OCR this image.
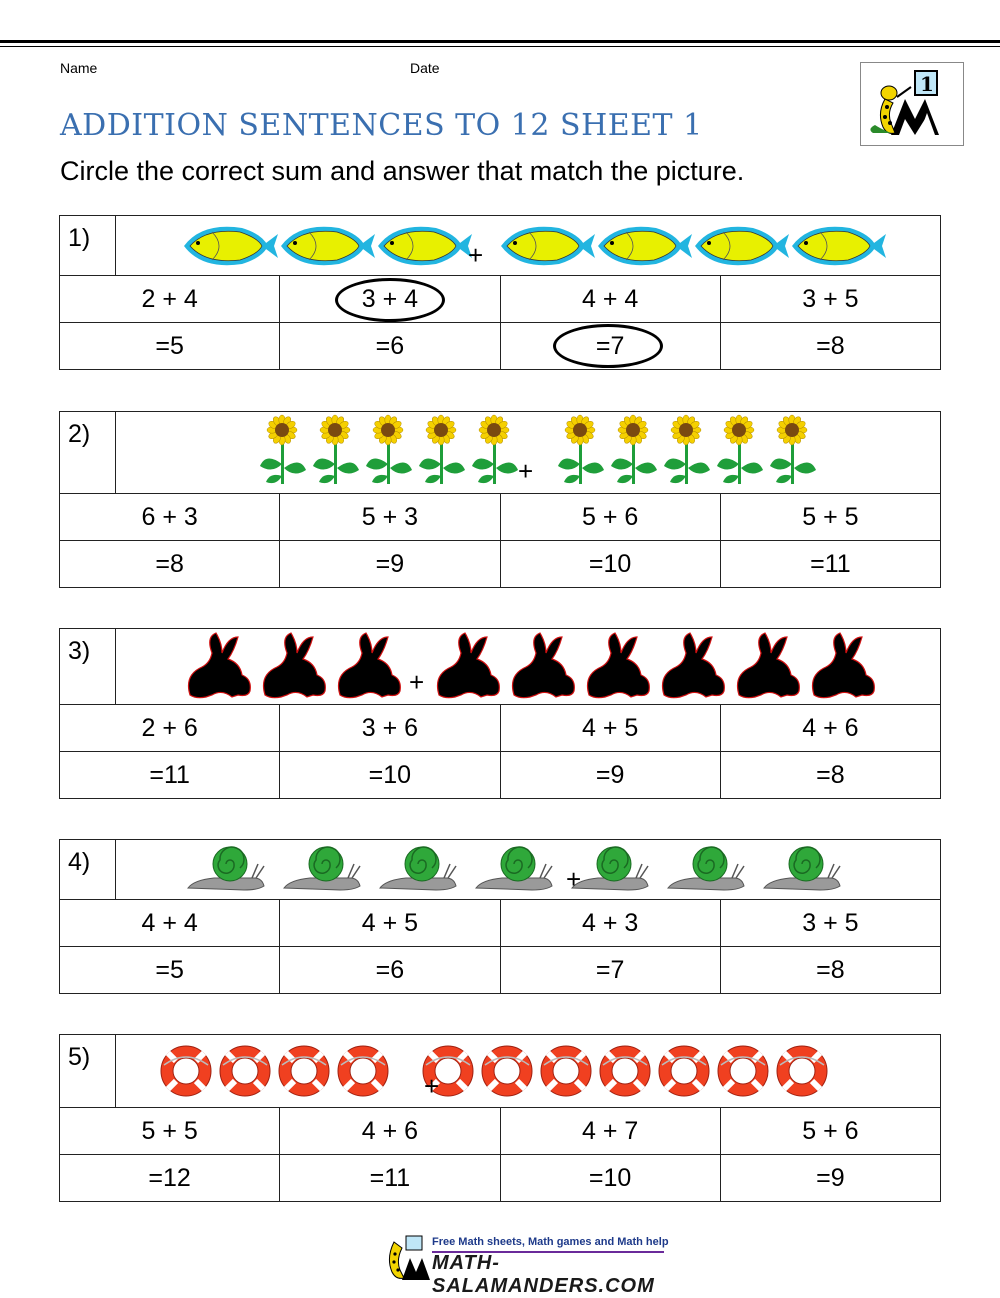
Name	Date
1
ADDITION SENTENCES TO 12 SHEET 1
Circle the correct sum and answer that match the picture.
1)
+
2 + 4	3 + 4	4 + 4	3 + 5
=5	=6	=7	=8
2)
+
6 + 3	5 + 3	5 + 6	5 + 5
=8	=9	=10	=11
3)
+
2 + 6	3 + 6	4 + 5	4 + 6
=11	=10	=9	=8
4)
+
4 + 4	4 + 5	4 + 3	3 + 5
=5	=6	=7	=8
5)
+
5 + 5	4 + 6	4 + 7	5 + 6
=12	=11	=10	=9
Free Math sheets, Math games and Math help
MATH-SALAMANDERS.COM
